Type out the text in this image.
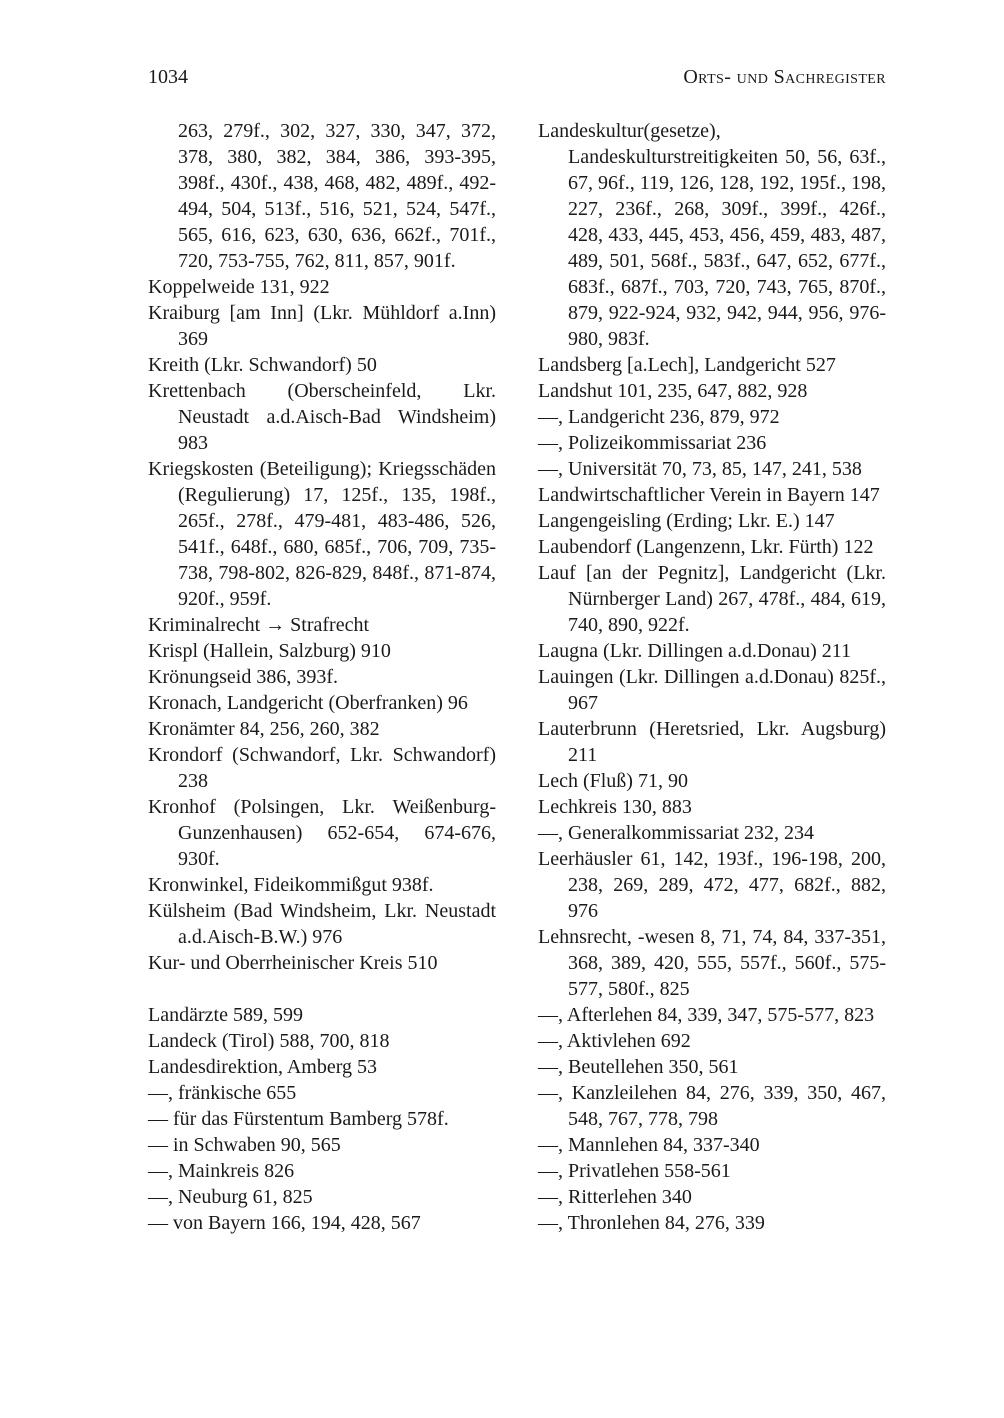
1034	Orts- und Sachregister
263, 279f., 302, 327, 330, 347, 372, 378, 380, 382, 384, 386, 393-395, 398f., 430f., 438, 468, 482, 489f., 492-494, 504, 513f., 516, 521, 524, 547f., 565, 616, 623, 630, 636, 662f., 701f., 720, 753-755, 762, 811, 857, 901f.
Koppelweide 131, 922
Kraiburg [am Inn] (Lkr. Mühldorf a.Inn) 369
Kreith (Lkr. Schwandorf) 50
Krettenbach (Oberscheinfeld, Lkr. Neustadt a.d.Aisch-Bad Windsheim) 983
Kriegskosten (Beteiligung); Kriegsschäden (Regulierung) 17, 125f., 135, 198f., 265f., 278f., 479-481, 483-486, 526, 541f., 648f., 680, 685f., 706, 709, 735-738, 798-802, 826-829, 848f., 871-874, 920f., 959f.
Kriminalrecht → Strafrecht
Krispl (Hallein, Salzburg) 910
Krönungseid 386, 393f.
Kronach, Landgericht (Oberfranken) 96
Kronämter 84, 256, 260, 382
Krondorf (Schwandorf, Lkr. Schwandorf) 238
Kronhof (Polsingen, Lkr. Weißenburg-Gunzenhausen) 652-654, 674-676, 930f.
Kronwinkel, Fideikommißgut 938f.
Külsheim (Bad Windsheim, Lkr. Neustadt a.d.Aisch-B.W.) 976
Kur- und Oberrheinischer Kreis 510
Landärzte 589, 599
Landeck (Tirol) 588, 700, 818
Landesdirektion, Amberg 53
—, fränkische 655
— für das Fürstentum Bamberg 578f.
— in Schwaben 90, 565
—, Mainkreis 826
—, Neuburg 61, 825
— von Bayern 166, 194, 428, 567
Landeskultur(gesetze), Landeskulturstreitigkeiten 50, 56, 63f., 67, 96f., 119, 126, 128, 192, 195f., 198, 227, 236f., 268, 309f., 399f., 426f., 428, 433, 445, 453, 456, 459, 483, 487, 489, 501, 568f., 583f., 647, 652, 677f., 683f., 687f., 703, 720, 743, 765, 870f., 879, 922-924, 932, 942, 944, 956, 976-980, 983f.
Landsberg [a.Lech], Landgericht 527
Landshut 101, 235, 647, 882, 928
—, Landgericht 236, 879, 972
—, Polizeikommissariat 236
—, Universität 70, 73, 85, 147, 241, 538
Landwirtschaftlicher Verein in Bayern 147
Langengeisling (Erding; Lkr. E.) 147
Laubendorf (Langenzenn, Lkr. Fürth) 122
Lauf [an der Pegnitz], Landgericht (Lkr. Nürnberger Land) 267, 478f., 484, 619, 740, 890, 922f.
Laugna (Lkr. Dillingen a.d.Donau) 211
Lauingen (Lkr. Dillingen a.d.Donau) 825f., 967
Lauterbrunn (Heretsried, Lkr. Augsburg) 211
Lech (Fluß) 71, 90
Lechkreis 130, 883
—, Generalkommissariat 232, 234
Leerhäusler 61, 142, 193f., 196-198, 200, 238, 269, 289, 472, 477, 682f., 882, 976
Lehnsrecht, -wesen 8, 71, 74, 84, 337-351, 368, 389, 420, 555, 557f., 560f., 575-577, 580f., 825
—, Afterlehen 84, 339, 347, 575-577, 823
—, Aktivlehen 692
—, Beutellehen 350, 561
—, Kanzleilehen 84, 276, 339, 350, 467, 548, 767, 778, 798
—, Mannlehen 84, 337-340
—, Privatlehen 558-561
—, Ritterlehen 340
—, Thronlehen 84, 276, 339
